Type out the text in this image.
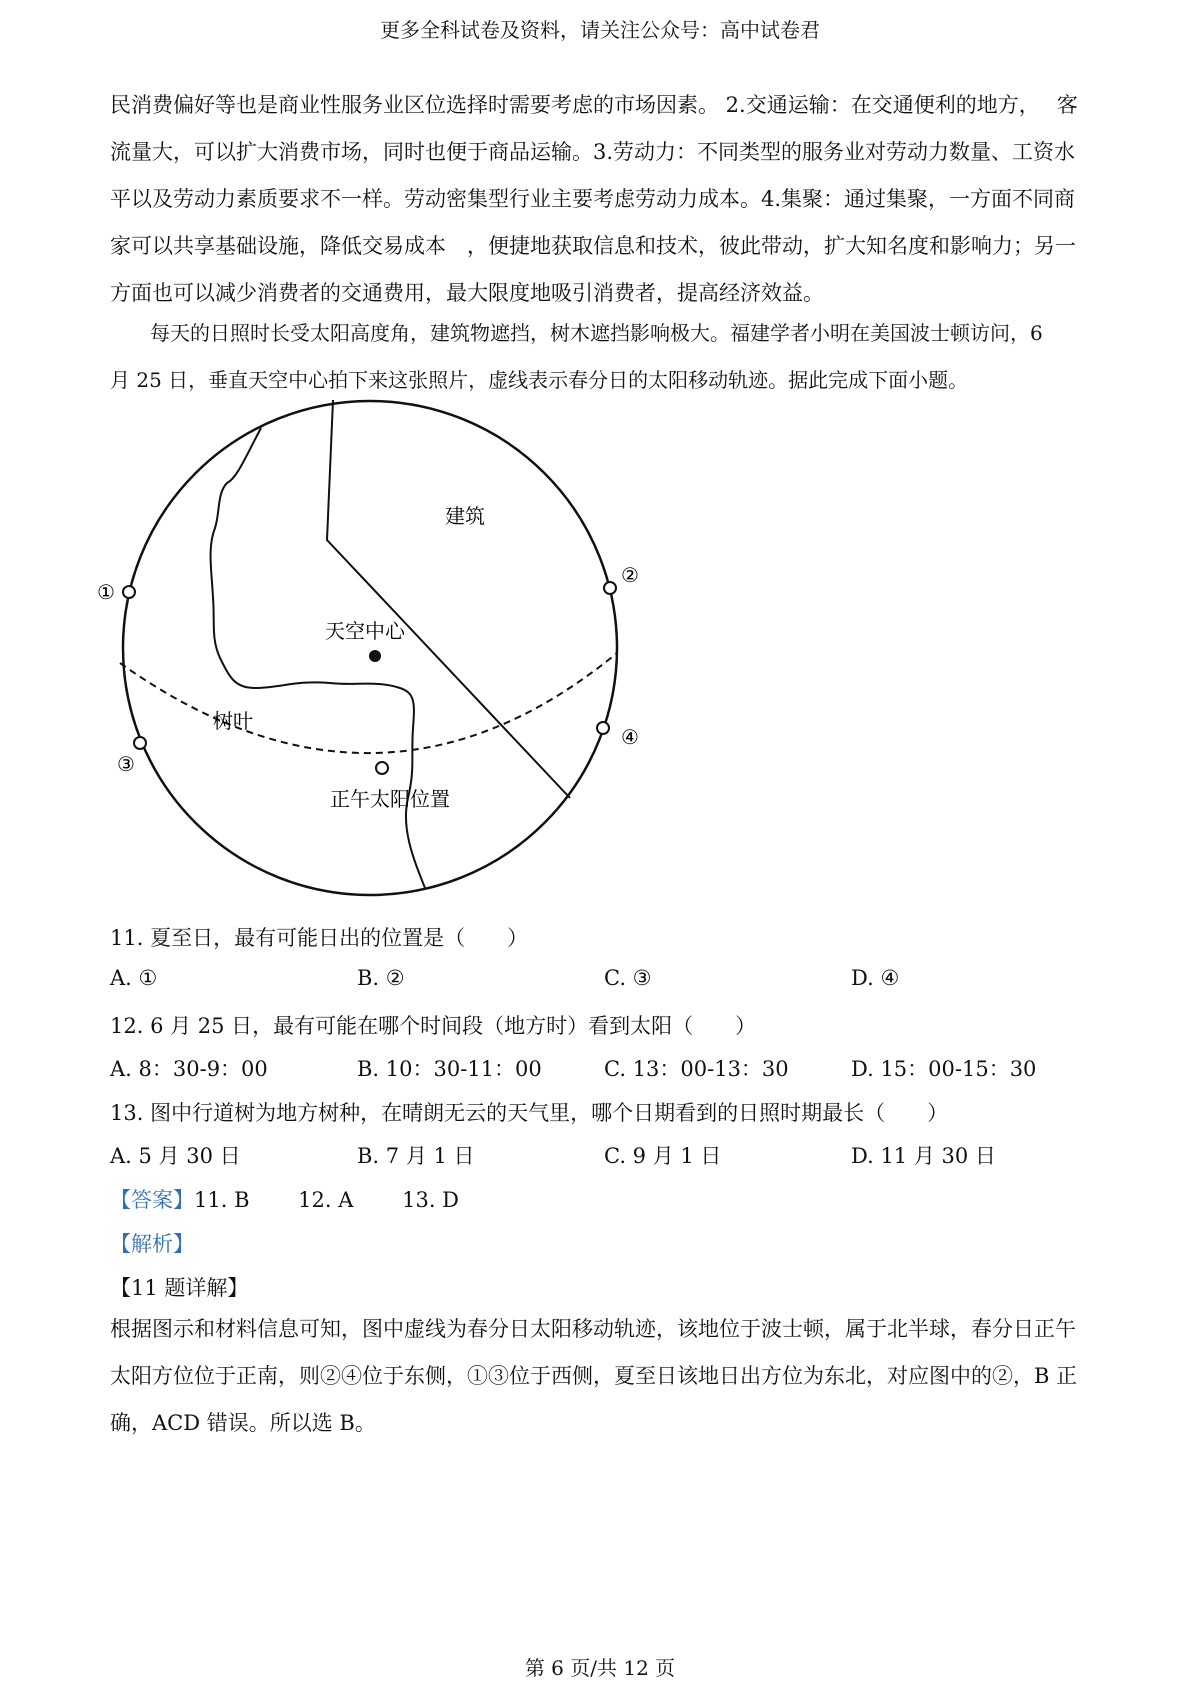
更多全科试卷及资料，请关注公众号：高中试卷君
民消费偏好等也是商业性服务业区位选择时需要考虑的市场因素。 2.交通运输：在交通便利的地方，　 客
流量大，可以扩大消费市场，同时也便于商品运输。3.劳动力：不同类型的服务业对劳动力数量、工资水
平以及劳动力素质要求不一样。劳动密集型行业主要考虑劳动力成本。4.集聚：通过集聚，一方面不同商
家可以共享基础设施，降低交易成本　，便捷地获取信息和技术，彼此带动，扩大知名度和影响力；另一
方面也可以减少消费者的交通费用，最大限度地吸引消费者，提高经济效益。
　　每天的日照时长受太阳高度角，建筑物遮挡，树木遮挡影响极大。福建学者小明在美国波士顿访问，6
月 25 日，垂直天空中心拍下来这张照片，虚线表示春分日的太阳移动轨迹。据此完成下面小题。
天空中心
建筑
树叶
正午太阳位置
①
②
③
④
11. 夏至日，最有可能日出的位置是（　　）
A. ①	B. ②	C. ③	D. ④
12. 6 月 25 日，最有可能在哪个时间段（地方时）看到太阳（　　）
A. 8：30-9：00	B. 10：30-11：00	C. 13：00-13：30	D. 15：00-15：30
13. 图中行道树为地方树种，在晴朗无云的天气里，哪个日期看到的日照时期最长（　　）
A. 5 月 30 日	B. 7 月 1 日	C. 9 月 1 日	D. 11 月 30 日
【答案】11. B　　 12. A　　 13. D
【解析】
【11 题详解】
根据图示和材料信息可知，图中虚线为春分日太阳移动轨迹，该地位于波士顿，属于北半球，春分日正午
太阳方位位于正南，则②④位于东侧，①③位于西侧，夏至日该地日出方位为东北，对应图中的②，B 正
确，ACD 错误。所以选 B。
第 6 页/共 12 页
